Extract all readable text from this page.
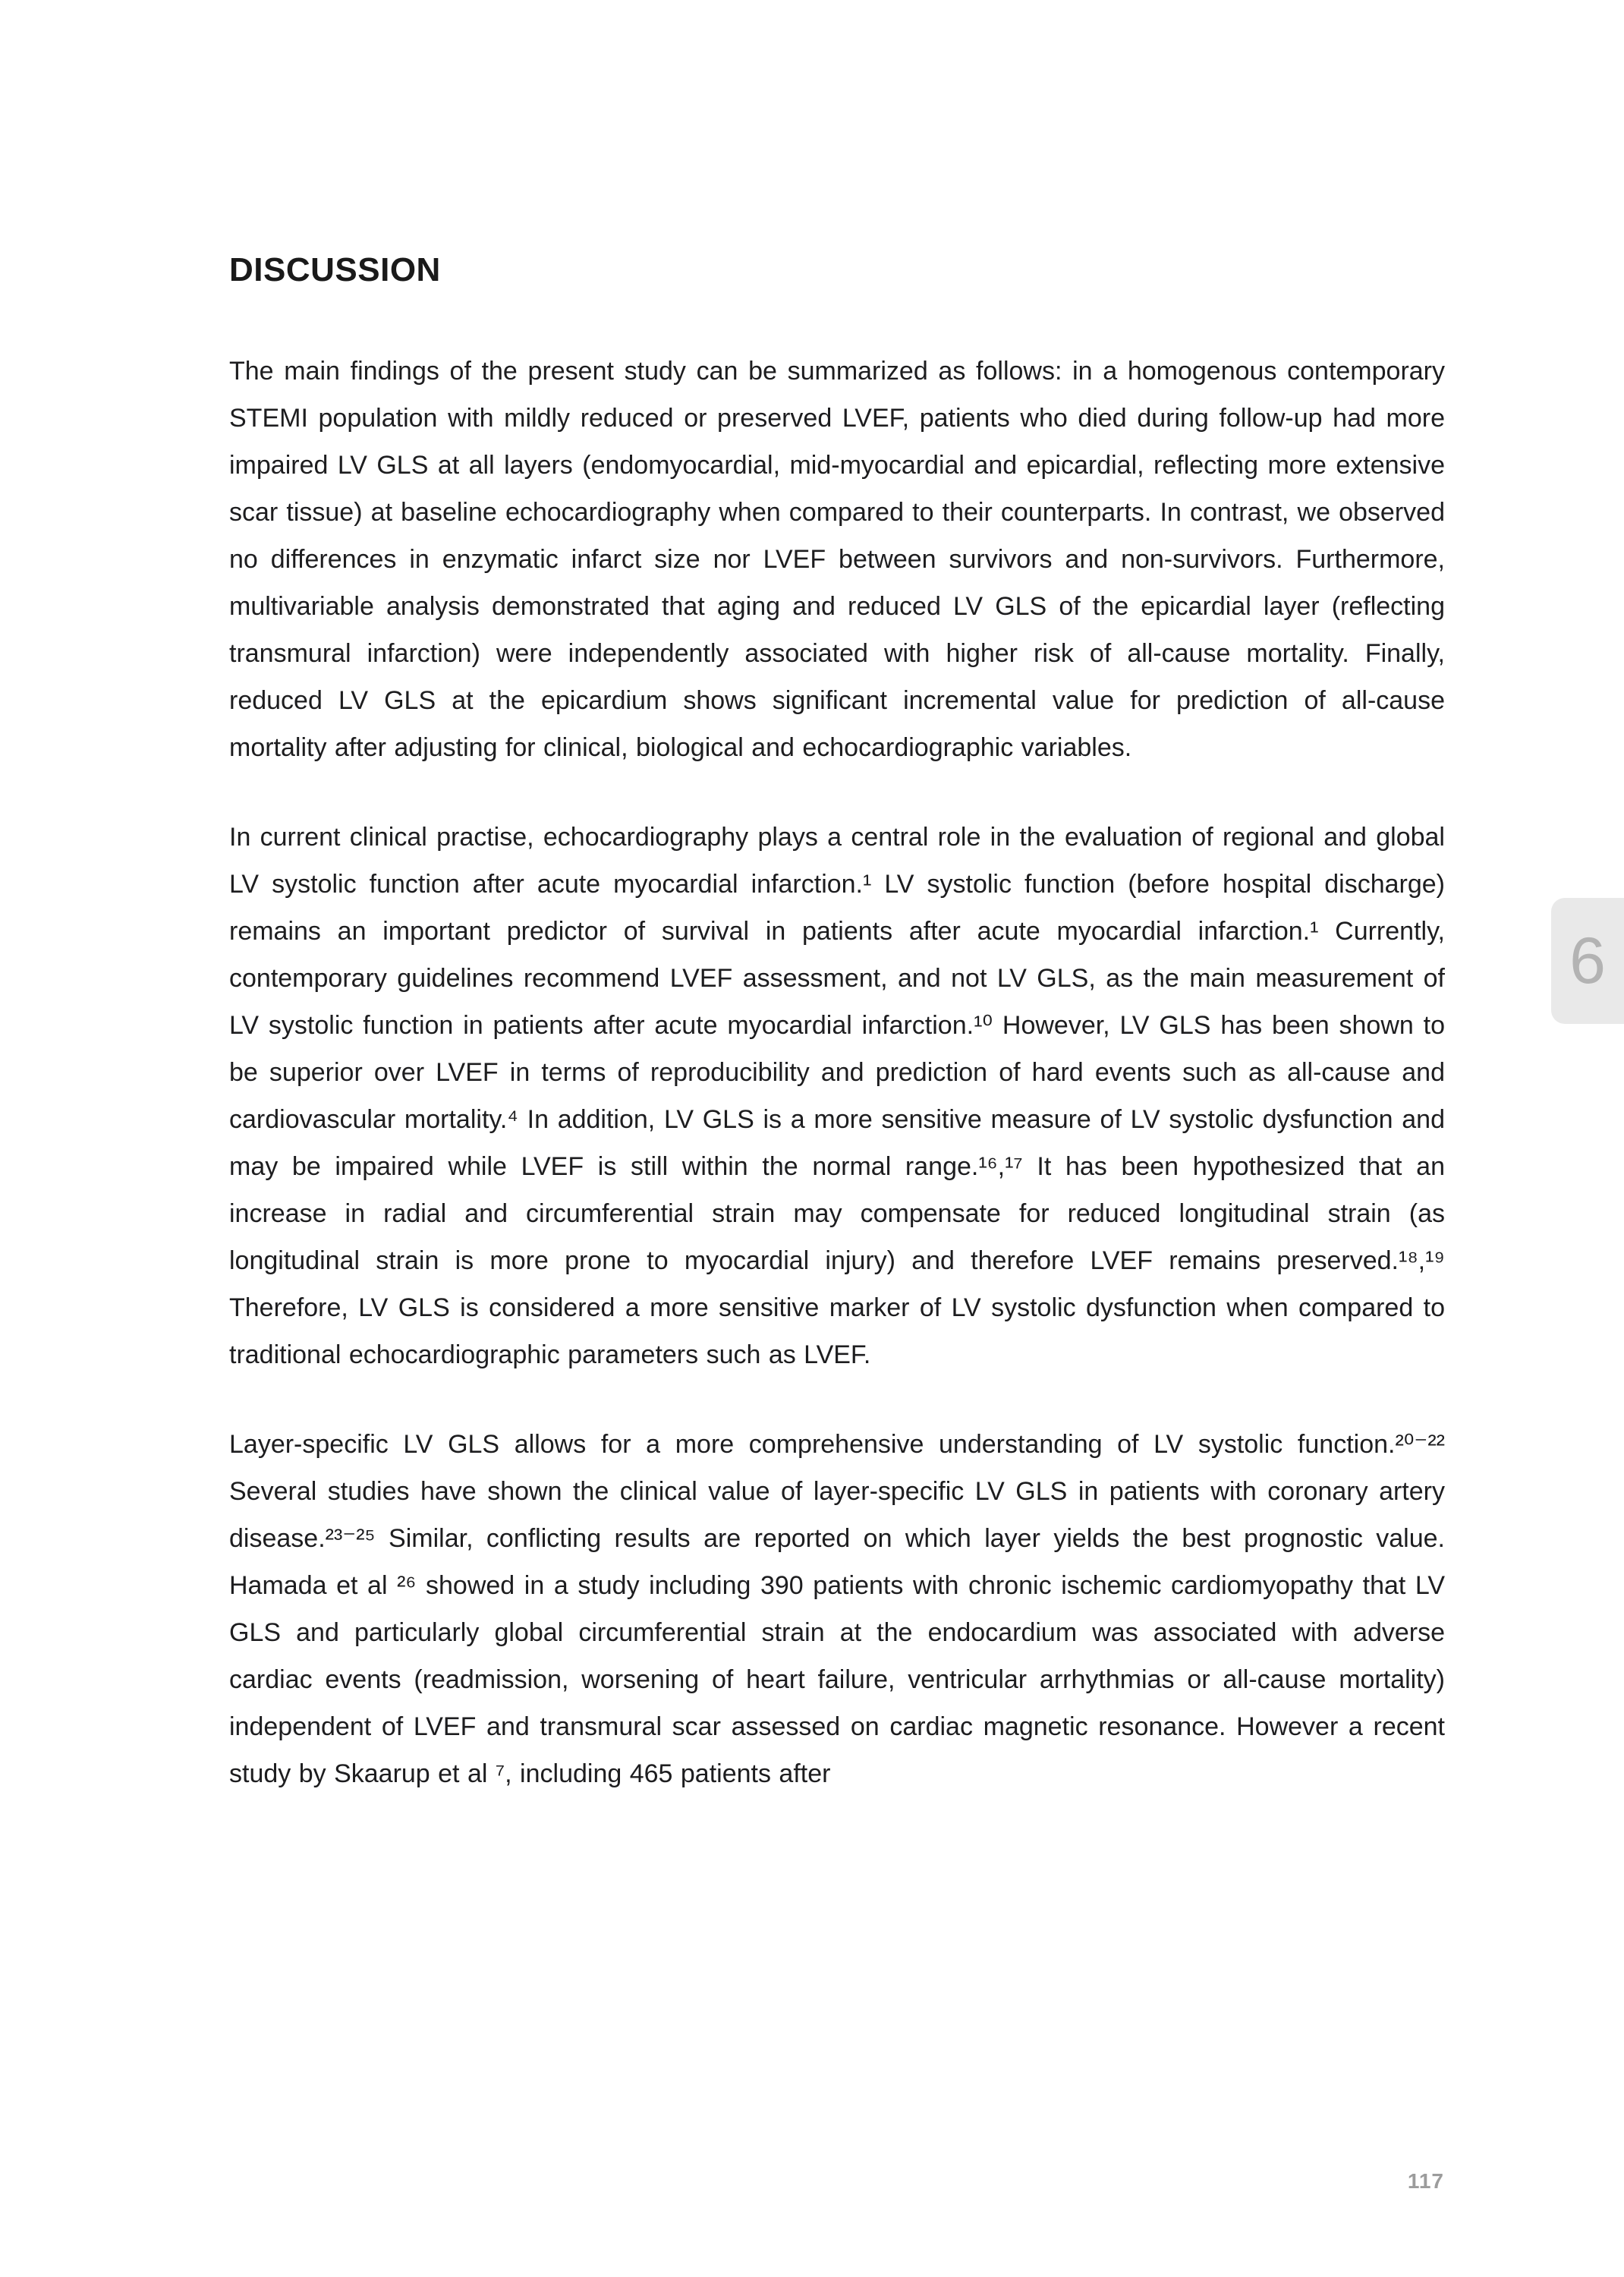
DISCUSSION

The main findings of the present study can be summarized as follows: in a homogenous contemporary STEMI population with mildly reduced or preserved LVEF, patients who died during follow-up had more impaired LV GLS at all layers (endomyocardial, mid-myocardial and epicardial, reflecting more extensive scar tissue) at baseline echocardiography when compared to their counterparts. In contrast, we observed no differences in enzymatic infarct size nor LVEF between survivors and non-survivors. Furthermore, multivariable analysis demonstrated that aging and reduced LV GLS of the epicardial layer (reflecting transmural infarction) were independently associated with higher risk of all-cause mortality. Finally, reduced LV GLS at the epicardium shows significant incremental value for prediction of all-cause mortality after adjusting for clinical, biological and echocardiographic variables.

In current clinical practise, echocardiography plays a central role in the evaluation of regional and global LV systolic function after acute myocardial infarction.¹ LV systolic function (before hospital discharge) remains an important predictor of survival in patients after acute myocardial infarction.¹ Currently, contemporary guidelines recommend LVEF assessment, and not LV GLS, as the main measurement of LV systolic function in patients after acute myocardial infarction.¹⁰ However, LV GLS has been shown to be superior over LVEF in terms of reproducibility and prediction of hard events such as all-cause and cardiovascular mortality.⁴ In addition, LV GLS is a more sensitive measure of LV systolic dysfunction and may be impaired while LVEF is still within the normal range.¹⁶,¹⁷ It has been hypothesized that an increase in radial and circumferential strain may compensate for reduced longitudinal strain (as longitudinal strain is more prone to myocardial injury) and therefore LVEF remains preserved.¹⁸,¹⁹ Therefore, LV GLS is considered a more sensitive marker of LV systolic dysfunction when compared to traditional echocardiographic parameters such as LVEF.

Layer-specific LV GLS allows for a more comprehensive understanding of LV systolic function.²⁰⁻²² Several studies have shown the clinical value of layer-specific LV GLS in patients with coronary artery disease.²³⁻²⁵ Similar, conflicting results are reported on which layer yields the best prognostic value. Hamada et al ²⁶ showed in a study including 390 patients with chronic ischemic cardiomyopathy that LV GLS and particularly global circumferential strain at the endocardium was associated with adverse cardiac events (readmission, worsening of heart failure, ventricular arrhythmias or all-cause mortality) independent of LVEF and transmural scar assessed on cardiac magnetic resonance. However a recent study by Skaarup et al ⁷, including 465 patients after

6
117
